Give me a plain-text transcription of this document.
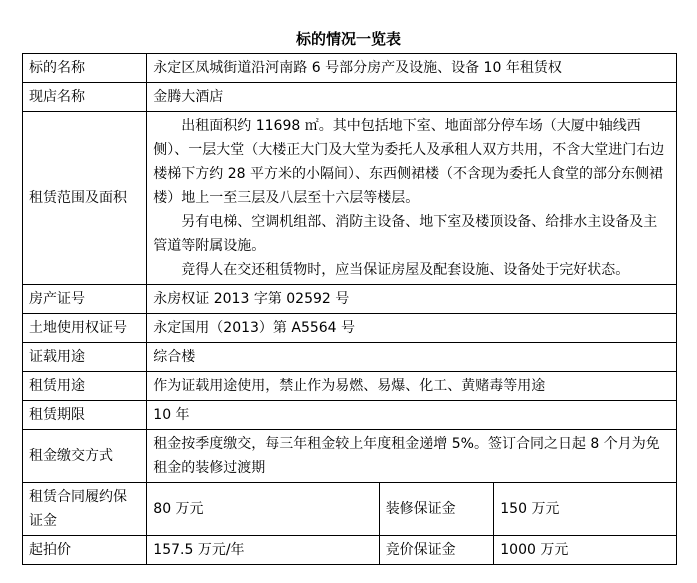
标的情况一览表
标的名称	永定区凤城街道沿河南路 6 号部分房产及设施、设备 10 年租赁权		
现店名称	金腾大酒店		
租赁范围及面积	出租面积约 11698 ㎡。其中包括地下室、地面部分停车场（大厦中轴线西侧）、一层大堂（大楼正大门及大堂为委托人及承租人双方共用，不含大堂进门右边楼梯下方约 28 平方米的小隔间）、东西侧裙楼（不含现为委托人食堂的部分东侧裙楼）地上一至三层及八层至十六层等楼层。

另有电梯、空调机组部、消防主设备、地下室及楼顶设备、给排水主设备及主管道等附属设施。

竞得人在交还租赁物时，应当保证房屋及配套设施、设备处于完好状态。		

房产证号	永房权证 2013 字第 02592 号		
土地使用权证号	永定国用（2013）第 A5564 号		
证载用途	综合楼		
租赁用途	作为证载用途使用，禁止作为易燃、易爆、化工、黄赌毒等用途		
租赁期限	10 年		
租金缴交方式	租金按季度缴交，每三年租金较上年度租金递增 5%。签订合同之日起 8 个月为免租金的装修过渡期		
租赁合同履约保证金	80 万元	装修保证金	150 万元
起拍价	157.5 万元/年	竞价保证金	1000 万元
